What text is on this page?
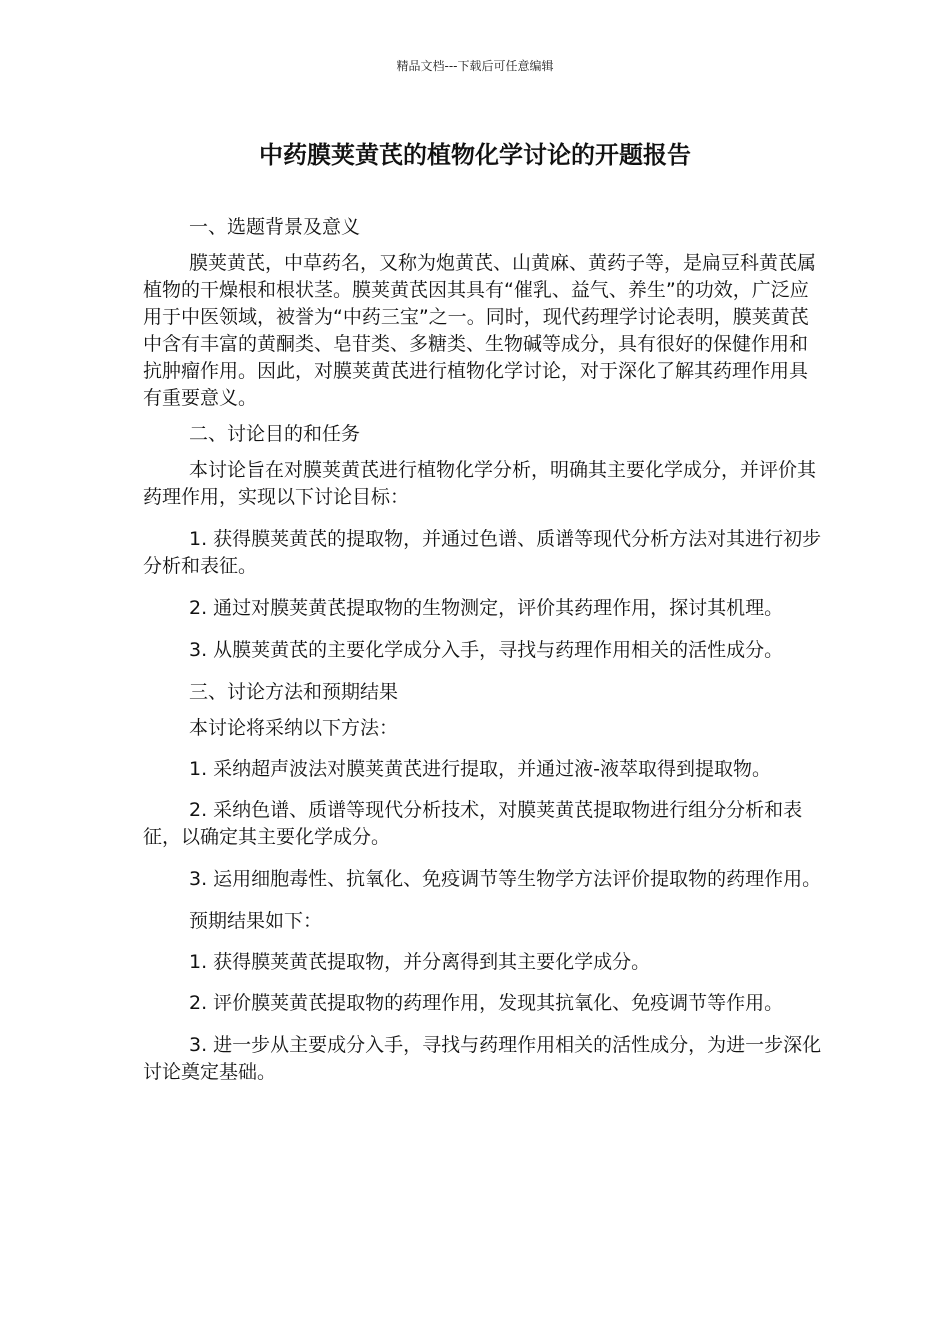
精品文档---下载后可任意编辑
中药膜荚黄芪的植物化学讨论的开题报告

一、选题背景及意义

膜荚黄芪，中草药名，又称为炮黄芪、山黄麻、黄药子等，是扁豆科黄芪属植物的干燥根和根状茎。膜荚黄芪因其具有“催乳、益气、养生”的功效，广泛应用于中医领域，被誉为“中药三宝”之一。同时，现代药理学讨论表明，膜荚黄芪中含有丰富的黄酮类、皂苷类、多糖类、生物碱等成分，具有很好的保健作用和抗肿瘤作用。因此，对膜荚黄芪进行植物化学讨论，对于深化了解其药理作用具有重要意义。

二、讨论目的和任务

本讨论旨在对膜荚黄芪进行植物化学分析，明确其主要化学成分，并评价其药理作用，实现以下讨论目标：

1. 获得膜荚黄芪的提取物，并通过色谱、质谱等现代分析方法对其进行初步分析和表征。

2. 通过对膜荚黄芪提取物的生物测定，评价其药理作用，探讨其机理。

3. 从膜荚黄芪的主要化学成分入手，寻找与药理作用相关的活性成分。

三、讨论方法和预期结果

本讨论将采纳以下方法：

1. 采纳超声波法对膜荚黄芪进行提取，并通过液-液萃取得到提取物。

2. 采纳色谱、质谱等现代分析技术，对膜荚黄芪提取物进行组分分析和表征，以确定其主要化学成分。

3. 运用细胞毒性、抗氧化、免疫调节等生物学方法评价提取物的药理作用。

预期结果如下：

1. 获得膜荚黄芪提取物，并分离得到其主要化学成分。

2. 评价膜荚黄芪提取物的药理作用，发现其抗氧化、免疫调节等作用。

3. 进一步从主要成分入手，寻找与药理作用相关的活性成分，为进一步深化讨论奠定基础。
